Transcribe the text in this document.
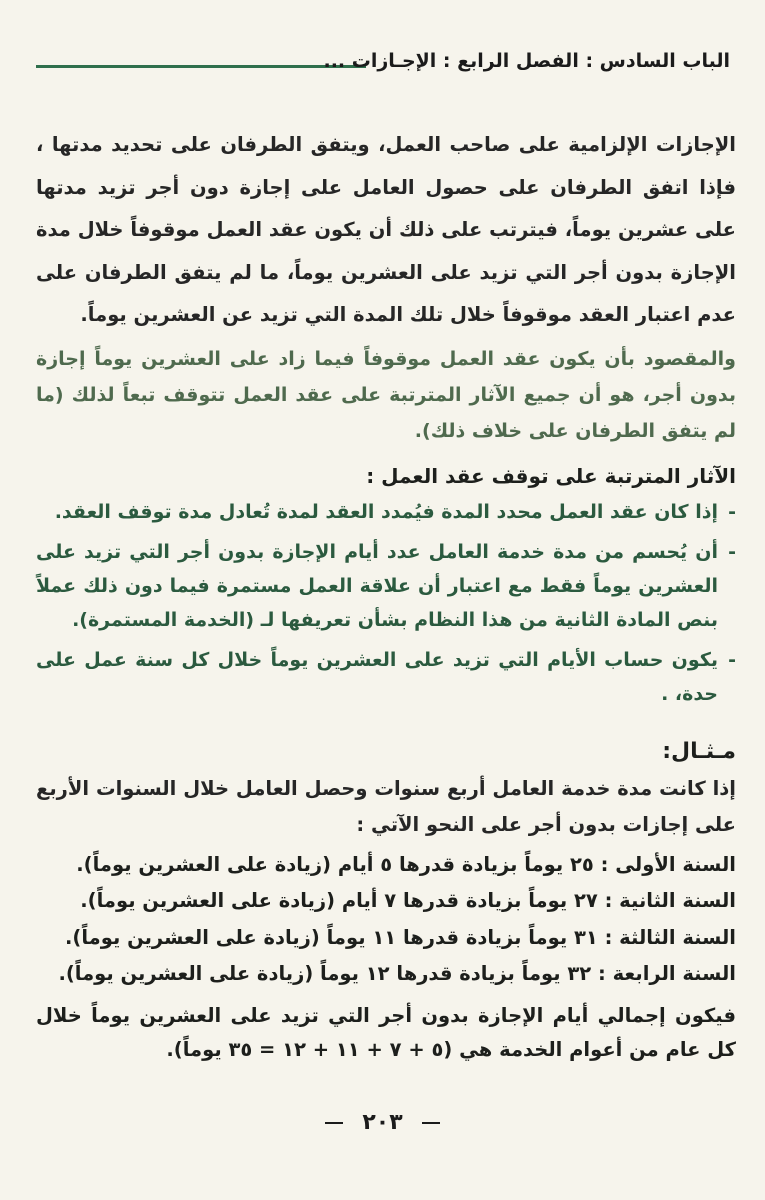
الباب السادس : الفصل الرابع : الإجـازات ...

الإجازات الإلزامية على صاحب العمل، ويتفق الطرفان على تحديد مدتها ، فإذا اتفق الطرفان على حصول العامل على إجازة دون أجر تزيد مدتها على عشرين يوماً، فيترتب على ذلك أن يكون عقد العمل موقوفاً خلال مدة الإجازة بدون أجر التي تزيد على العشرين يوماً، ما لم يتفق الطرفان على عدم اعتبار العقد موقوفاً خلال تلك المدة التي تزيد عن العشرين يوماً.

والمقصود بأن يكون عقد العمل موقوفاً فيما زاد على العشرين يوماً إجازة بدون أجر، هو أن جميع الآثار المترتبة على عقد العمل تتوقف تبعاً لذلك (ما لم يتفق الطرفان على خلاف ذلك).

الآثار المترتبة على توقف عقد العمل :

-
إذا كان عقد العمل محدد المدة فيُمدد العقد لمدة تُعادل مدة توقف العقد.
-
أن يُحسم من مدة خدمة العامل عدد أيام الإجازة بدون أجر التي تزيد على العشرين يوماً فقط مع اعتبار أن علاقة العمل مستمرة فيما دون ذلك عملاً بنص المادة الثانية من هذا النظام بشأن تعريفها لـ (الخدمة المستمرة).
-
يكون حساب الأيام التي تزيد على العشرين يوماً خلال كل سنة عمل على حدة، .

مـثـال:

إذا كانت مدة خدمة العامل أربع سنوات وحصل العامل خلال السنوات الأربع على إجازات بدون أجر على النحو الآتي :

السنة الأولى : ٢٥ يوماً بزيادة قدرها ٥ أيام (زيادة على العشرين يوماً).

السنة الثانية : ٢٧ يوماً بزيادة قدرها ٧ أيام (زيادة على العشرين يوماً).

السنة الثالثة : ٣١ يوماً بزيادة قدرها ١١ يوماً (زيادة على العشرين يوماً).

السنة الرابعة : ٣٢ يوماً بزيادة قدرها ١٢ يوماً (زيادة على العشرين يوماً).

فيكون إجمالي أيام الإجازة بدون أجر التي تزيد على العشرين يوماً خلال كل عام من أعوام الخدمة هي (٥ + ٧ + ١١ + ١٢ = ٣٥ يوماً).

٢٠٣
